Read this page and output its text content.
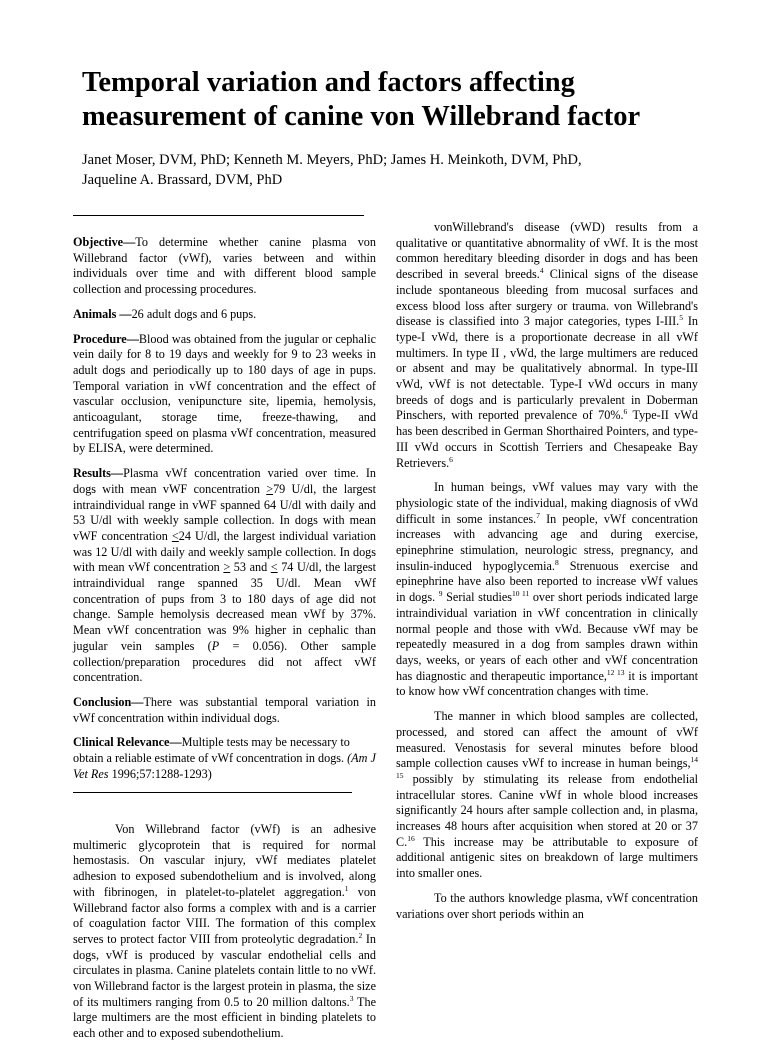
Temporal variation and factors affecting measurement of canine von Willebrand factor
Janet Moser, DVM, PhD; Kenneth M. Meyers, PhD; James H. Meinkoth, DVM, PhD,
Jaqueline A. Brassard, DVM, PhD

Objective—To determine whether canine plasma von Willebrand factor (vWf), varies between and within individuals over time and with different blood sample collection and processing procedures.

Animals —26 adult dogs and 6 pups.

Procedure—Blood was obtained from the jugular or cephalic vein daily for 8 to 19 days and weekly for 9 to 23 weeks in adult dogs and periodically up to 180 days of age in pups. Temporal variation in vWf concentration and the effect of vascular occlusion, venipuncture site, lipemia, hemolysis, anticoagulant, storage time, freeze-thawing, and centrifugation speed on plasma vWf concentration, measured by ELISA, were determined.

Results—Plasma vWf concentration varied over time. In dogs with mean vWF concentration ≥79 U/dl, the largest intraindividual range in vWF spanned 64 U/dl with daily and 53 U/dl with weekly sample collection. In dogs with mean vWF concentration ≤24 U/dl, the largest individual variation was 12 U/dl with daily and weekly sample collection. In dogs with mean vWf concentration ≥ 53 and ≤ 74 U/dl, the largest intraindividual range spanned 35 U/dl. Mean vWf concentration of pups from 3 to 180 days of age did not change. Sample hemolysis decreased mean vWf by 37%. Mean vWf concentration was 9% higher in cephalic than jugular vein samples (P = 0.056). Other sample collection/preparation procedures did not affect vWf concentration.

Conclusion—There was substantial temporal variation in vWf concentration within individual dogs.

Clinical Relevance—Multiple tests may be necessary to obtain a reliable estimate of vWf concentration in dogs. (Am J Vet Res 1996;57:1288-1293)

Von Willebrand factor (vWf) is an adhesive multimeric glycoprotein that is required for normal hemostasis. On vascular injury, vWf mediates platelet adhesion to exposed subendothelium and is involved, along with fibrinogen, in platelet-to-platelet aggregation.$^1$ von Willebrand factor also forms a complex with and is a carrier of coagulation factor VIII. The formation of this complex serves to protect factor VIII from proteolytic degradation.$^2$ In dogs, vWf is produced by vascular endothelial cells and circulates in plasma. Canine platelets contain little to no vWf. von Willebrand factor is the largest protein in plasma, the size of its multimers ranging from 0.5 to 20 million daltons.$^3$ The large multimers are the most efficient in binding platelets to each other and to exposed subendothelium.

vonWillebrand's disease (vWD) results from a qualitative or quantitative abnormality of vWf. It is the most common hereditary bleeding disorder in dogs and has been described in several breeds.$^4$ Clinical signs of the disease include spontaneous bleeding from mucosal surfaces and excess blood loss after surgery or trauma. von Willebrand's disease is classified into 3 major categories, types I-III.$^5$ In type-I vWd, there is a proportionate decrease in all vWf multimers. In type II , vWd, the large multimers are reduced or absent and may be qualitatively abnormal. In type-III vWd, vWf is not detectable. Type-I vWd occurs in many breeds of dogs and is particularly prevalent in Doberman Pinschers, with reported prevalence of 70%.$^6$ Type-II vWd has been described in German Shorthaired Pointers, and type-III vWd occurs in Scottish Terriers and Chesapeake Bay Retrievers.$^6$

In human beings, vWf values may vary with the physiologic state of the individual, making diagnosis of vWd difficult in some instances.$^7$ In people, vWf concentration increases with advancing age and during exercise, epinephrine stimulation, neurologic stress, pregnancy, and insulin-induced hypoglycemia.$^8$ Strenuous exercise and epinephrine have also been reported to increase vWf values in dogs. $^9$ Serial studies$^{10 11}$ over short periods indicated large intraindividual variation in vWf concentration in clinically normal people and those with vWd. Because vWf may be repeatedly measured in a dog from samples drawn within days, weeks, or years of each other and vWf concentration has diagnostic and therapeutic importance,$^{12 13}$ it is important to know how vWf concentration changes with time.

The manner in which blood samples are collected, processed, and stored can affect the amount of vWf measured. Venostasis for several minutes before blood sample collection causes vWf to increase in human beings,$^{14 15}$ possibly by stimulating its release from endothelial intracellular stores. Canine vWf in whole blood increases significantly 24 hours after sample collection and, in plasma, increases 48 hours after acquisition when stored at 20 or 37 C.$^{16}$ This increase may be attributable to exposure of additional antigenic sites on breakdown of large multimers into smaller ones.

To the authors knowledge plasma, vWf concentration variations over short periods within an
